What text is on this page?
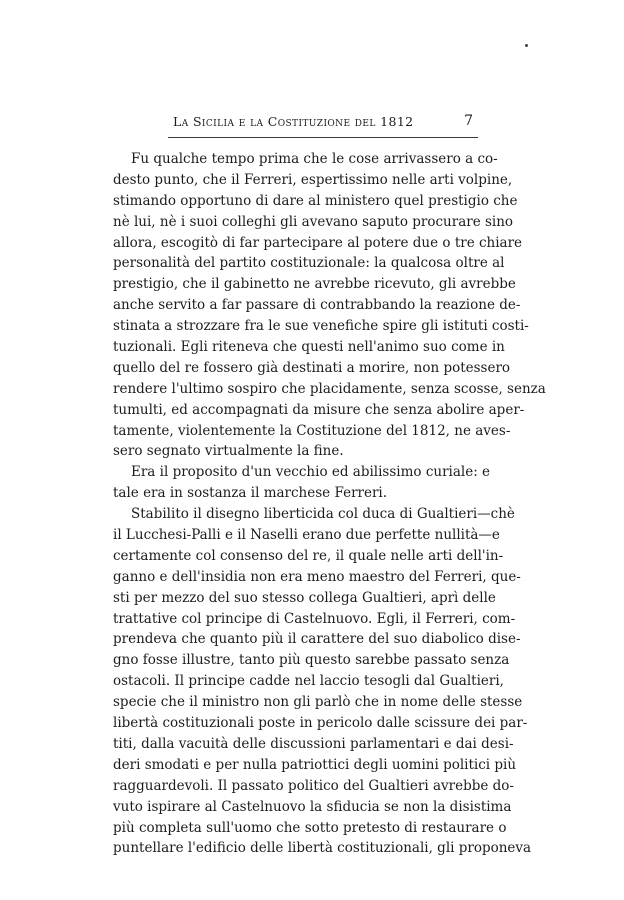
La Sicilia e la Costituzione del 1812	7
Fu qualche tempo prima che le cose arrivassero a co-
desto punto, che il Ferreri, espertissimo nelle arti volpine,
stimando opportuno di dare al ministero quel prestigio che
nè lui, nè i suoi colleghi gli avevano saputo procurare sino
allora, escogitò di far partecipare al potere due o tre chiare
personalità del partito costituzionale: la qualcosa oltre al
prestigio, che il gabinetto ne avrebbe ricevuto, gli avrebbe
anche servito a far passare di contrabbando la reazione de-
stinata a strozzare fra le sue venefiche spire gli istituti costi-
tuzionali. Egli riteneva che questi nell'animo suo come in
quello del re fossero già destinati a morire, non potessero
rendere l'ultimo sospiro che placidamente, senza scosse, senza
tumulti, ed accompagnati da misure che senza abolire aper-
tamente, violentemente la Costituzione del 1812, ne aves-
sero segnato virtualmente la fine.
Era il proposito d'un vecchio ed abilissimo curiale: e
tale era in sostanza il marchese Ferreri.
Stabilito il disegno liberticida col duca di Gualtieri—chè
il Lucchesi-Palli e il Naselli erano due perfette nullità—e
certamente col consenso del re, il quale nelle arti dell'in-
ganno e dell'insidia non era meno maestro del Ferreri, que-
sti per mezzo del suo stesso collega Gualtieri, aprì delle
trattative col principe di Castelnuovo. Egli, il Ferreri, com-
prendeva che quanto più il carattere del suo diabolico dise-
gno fosse illustre, tanto più questo sarebbe passato senza
ostacoli. Il principe cadde nel laccio tesogli dal Gualtieri,
specie che il ministro non gli parlò che in nome delle stesse
libertà costituzionali poste in pericolo dalle scissure dei par-
titi, dalla vacuità delle discussioni parlamentari e dai desi-
deri smodati e per nulla patriottici degli uomini politici più
ragguardevoli. Il passato politico del Gualtieri avrebbe do-
vuto ispirare al Castelnuovo la sfiducia se non la disistima
più completa sull'uomo che sotto pretesto di restaurare o
puntellare l'edificio delle libertà costituzionali, gli proponeva
